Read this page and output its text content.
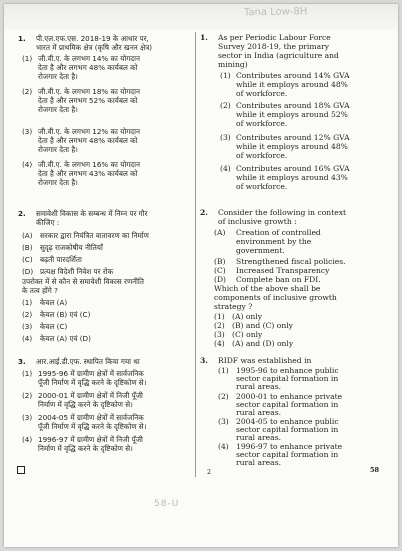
Tana Low-8H
1. पी.एल.एफ.एस. 2018-19 के आधार पर,
भारत में प्राथमिक क्षेत्र (कृषि और खनन क्षेत्र)
(1) जी.वी.ए. के लगभग 14% का योगदान
देता है और लगभग 48% कार्यबल को
रोजगार देता है।
(2) जी.वी.ए. के लगभग 18% का योगदान
देता है और लगभग 52% कार्यबल को
रोजगार देता है।
(3) जी.वी.ए. के लगभग 12% का योगदान
देता है और लगभग 48% कार्यबल को
रोजगार देता है।
(4) जी.वी.ए. के लगभग 16% का योगदान
देता है और लगभग 43% कार्यबल को
रोजगार देता है।
1. As per Periodic Labour Force
Survey 2018-19, the primary
sector in India (agriculture and
mining)
(1) Contributes around 14% GVA
while it employs around 48%
of workforce.
(2) Contributes around 18% GVA
while it employs around 52%
of workforce.
(3) Contributes around 12% GVA
while it employs around 48%
of workforce.
(4) Contributes around 16% GVA
while it employs around 43%
of workforce.
2. समावेशी विकास के सम्बन्ध में निम्न पर गौर
कीजिए :
(A) सरकार द्वारा नियंत्रित वातावरण का निर्माण
(B) सुदृढ़ राजकोषीय नीतियाँ
(C) बढ़ती पारदर्शिता
(D) प्रत्यक्ष विदेशी निवेश पर रोक
उपरोक्त में से कौन से समावेशी विकास रणनीति
के तत्व होंगे ?
(1) केवल (A)
(2) केवल (B) एवं (C)
(3) केवल (C)
(4) केवल (A) एवं (D)
2. Consider the following in context
of inclusive growth :
(A) Creation of controlled
environment by the
government.
(B) Strengthened fiscal policies.
(C) Increased Transparency
(D) Complete ban on FDI.
Which of the above shall be
components of inclusive growth
strategy ?
(1) (A) only
(2) (B) and (C) only
(3) (C) only
(4) (A) and (D) only
3. आर.आई.डी.एफ. स्थापित किया गया था
(1) 1995-96 में ग्रामीण क्षेत्रों में सार्वजनिक
पूँजी निर्माण में वृद्धि करने के दृष्टिकोण से।
(2) 2000-01 में ग्रामीण क्षेत्रों में निजी पूँजी
निर्माण में वृद्धि करने के दृष्टिकोण से।
(3) 2004-05 में ग्रामीण क्षेत्रों में सार्वजनिक
पूँजी निर्माण में वृद्धि करने के दृष्टिकोण से।
(4) 1996-97 में ग्रामीण क्षेत्रों में निजी पूँजी
निर्माण में वृद्धि करने के दृष्टिकोण से।
3. RIDF was established in
(1) 1995-96 to enhance public
sector capital formation in
rural areas.
(2) 2000-01 to enhance private
sector capital formation in
rural areas.
(3) 2004-05 to enhance public
sector capital formation in
rural areas.
(4) 1996-97 to enhance private
sector capital formation in
rural areas.
2	58
58-U
